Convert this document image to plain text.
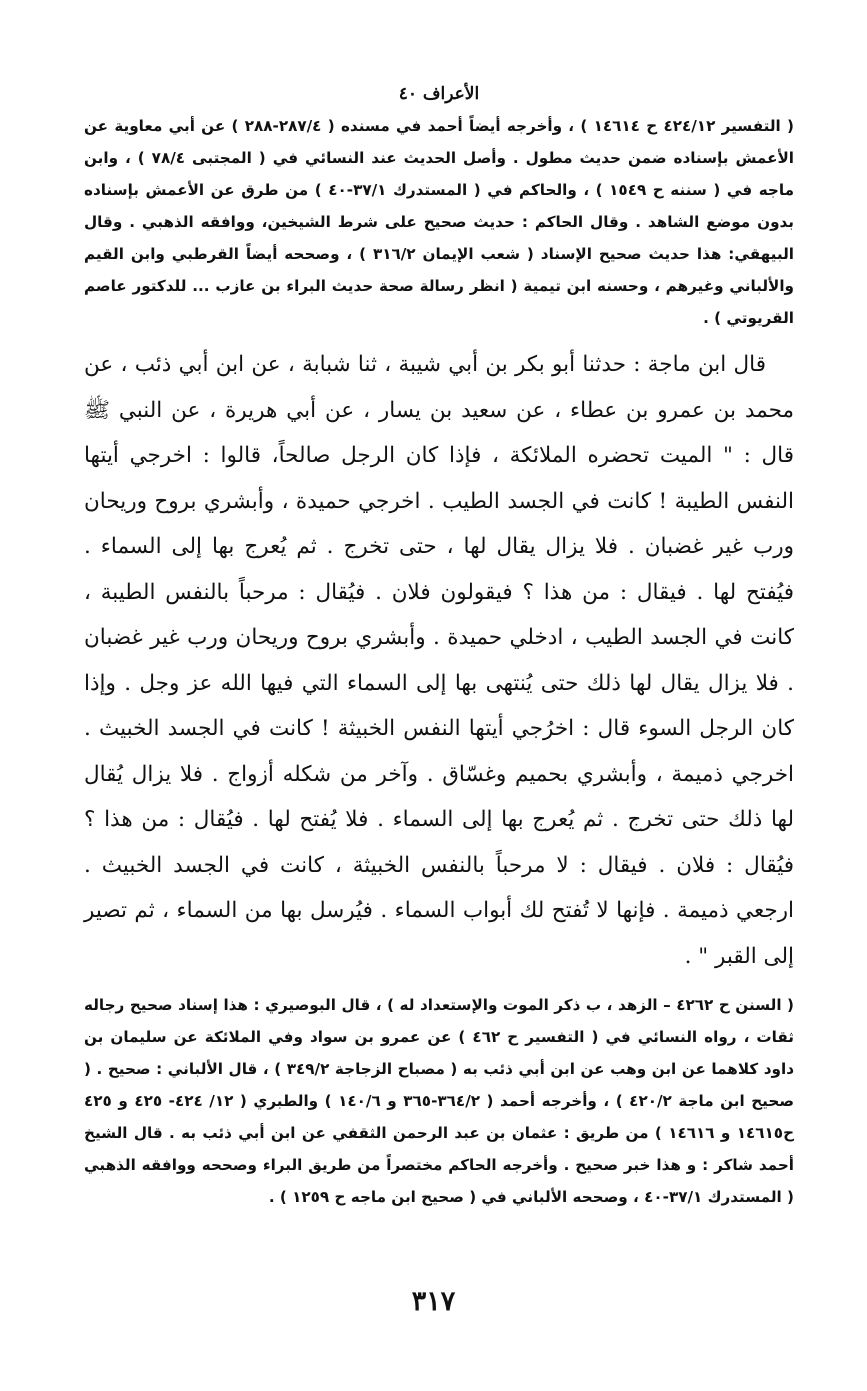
الأعراف ٤٠

( التفسير ٤٢٤/١٢ ح ١٤٦١٤ ) ، وأخرجه أيضاً أحمد في مسنده ( ٢٨٧/٤-٢٨٨ ) عن أبي معاوية عن الأعمش بإسناده ضمن حديث مطول . وأصل الحديث عند النسائي في ( المجتبى ٧٨/٤ ) ، وابن ماجه في ( سننه ح ١٥٤٩ ) ، والحاكم في ( المستدرك ٣٧/١-٤٠ ) من طرق عن الأعمش بإسناده بدون موضع الشاهد . وقال الحاكم : حديث صحيح على شرط الشيخين، ووافقه الذهبي . وقال البيهقي: هذا حديث صحيح الإسناد ( شعب الإيمان ٣١٦/٢ ) ، وصححه أيضاً القرطبي وابن القيم والألباني وغيرهم ، وحسنه ابن تيمية ( انظر رسالة صحة حديث البراء بن عازب ... للدكتور عاصم القريوتي ) .

قال ابن ماجة : حدثنا أبو بكر بن أبي شيبة ، ثنا شبابة ، عن ابن أبي ذئب ، عن محمد بن عمرو بن عطاء ، عن سعيد بن يسار ، عن أبي هريرة ، عن النبي ﷺ قال : " الميت تحضره الملائكة ، فإذا كان الرجل صالحاً، قالوا : اخرجي أيتها النفس الطيبة ! كانت في الجسد الطيب . اخرجي حميدة ، وأبشري بروح وريحان ورب غير غضبان . فلا يزال يقال لها ، حتى تخرج . ثم يُعرج بها إلى السماء . فيُفتح لها . فيقال : من هذا ؟ فيقولون فلان . فيُقال : مرحباً بالنفس الطيبة ، كانت في الجسد الطيب ، ادخلي حميدة . وأبشري بروح وريحان ورب غير غضبان . فلا يزال يقال لها ذلك حتى يُنتهى بها إلى السماء التي فيها الله عز وجل . وإذا كان الرجل السوء قال : اخرُجي أيتها النفس الخبيثة ! كانت في الجسد الخبيث . اخرجي ذميمة ، وأبشري بحميم وغسّاق . وآخر من شكله أزواج . فلا يزال يُقال لها ذلك حتى تخرج . ثم يُعرج بها إلى السماء . فلا يُفتح لها . فيُقال : من هذا ؟ فيُقال : فلان . فيقال : لا مرحباً بالنفس الخبيثة ، كانت في الجسد الخبيث . ارجعي ذميمة . فإنها لا تُفتح لك أبواب السماء . فيُرسل بها من السماء ، ثم تصير إلى القبر " .

( السنن ح ٤٢٦٢ – الزهد ، ب ذكر الموت والإستعداد له ) ، قال البوصيري : هذا إسناد صحيح رجاله ثقات ، رواه النسائي في ( التفسير ح ٤٦٢ ) عن عمرو بن سواد وفي الملائكة عن سليمان بن داود كلاهما عن ابن وهب عن ابن أبي ذئب به ( مصباح الزجاجة ٣٤٩/٢ ) ، قال الألباني : صحيح . ( صحيح ابن ماجة ٤٢٠/٢ ) ، وأخرجه أحمد ( ٣٦٤/٢-٣٦٥ و ١٤٠/٦ ) والطبري ( ١٢/ ٤٢٤- ٤٢٥ و ٤٢٥ ح١٤٦١٥ و ١٤٦١٦ ) من طريق : عثمان بن عبد الرحمن الثقفي عن ابن أبي ذئب به . قال الشيخ أحمد شاكر : و هذا خبر صحيح . وأخرجه الحاكم مختصراً من طريق البراء وصححه ووافقه الذهبي ( المستدرك ٣٧/١-٤٠ ، وصححه الألباني في ( صحيح ابن ماجه ح ١٢٥٩ ) .

٣١٧
